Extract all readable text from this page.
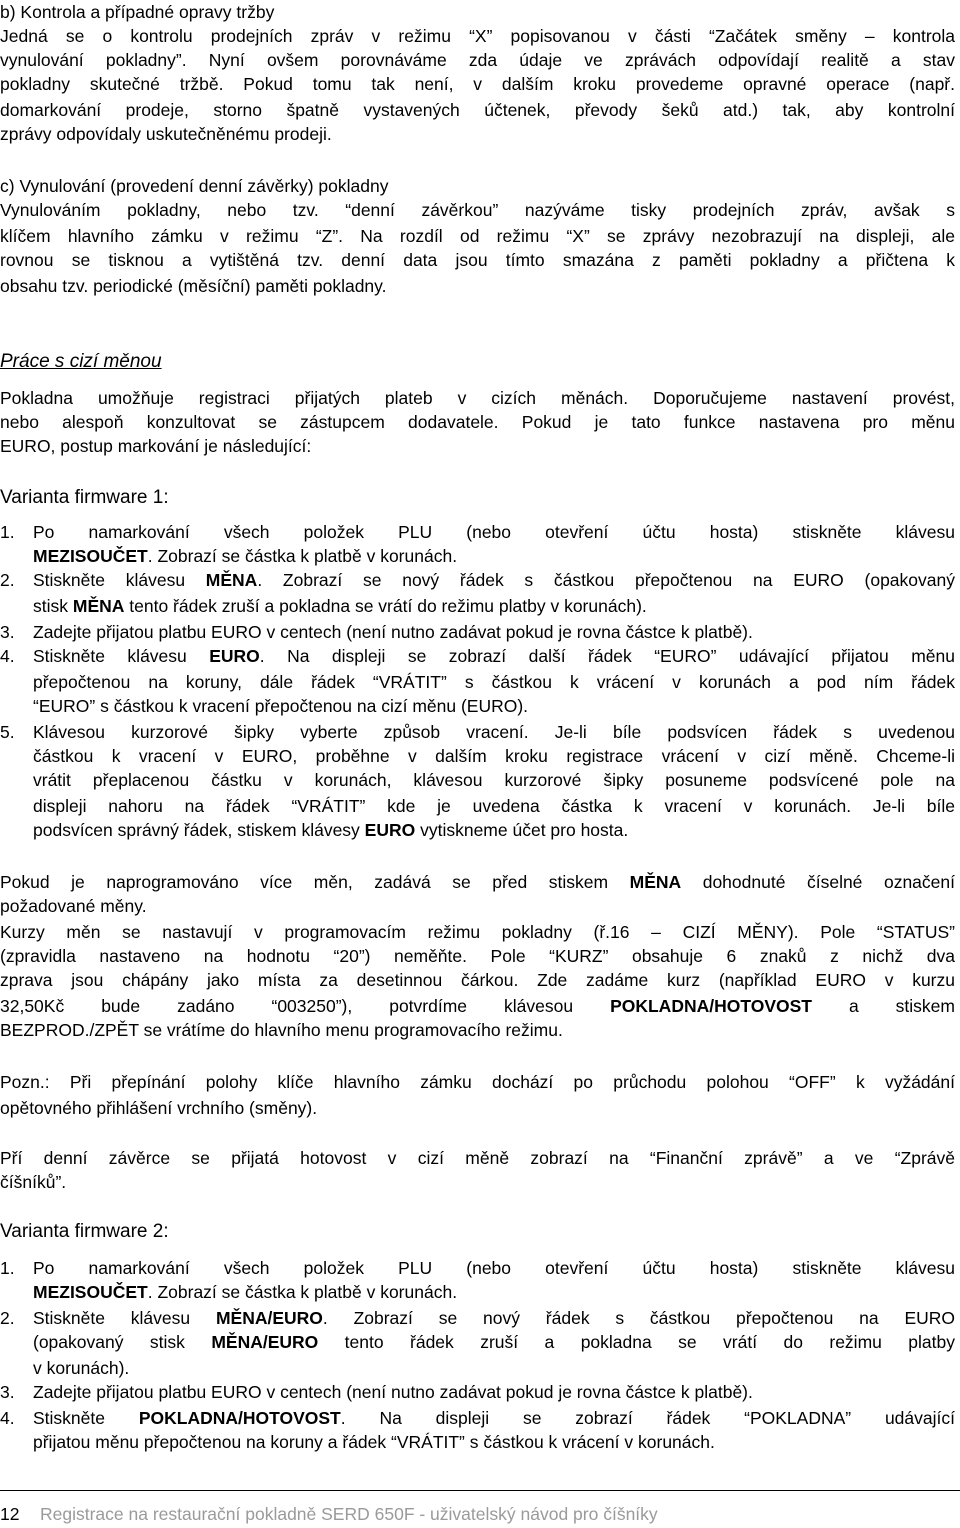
b) Kontrola a případné opravy tržby

Jedná se o kontrolu prodejních zpráv v režimu “X” popisovanou v části “Začátek směny – kontrola

vynulování pokladny”. Nyní ovšem porovnáváme zda údaje ve zprávách odpovídají realitě a stav

pokladny skutečné tržbě. Pokud tomu tak není, v dalším kroku provedeme opravné operace (např.

domarkování prodeje, storno špatně vystavených účtenek, převody šeků atd.) tak, aby kontrolní

zprávy odpovídaly uskutečněnému prodeji.

c) Vynulování (provedení denní závěrky) pokladny

Vynulováním pokladny, nebo tzv. “denní závěrkou” nazýváme tisky prodejních zpráv, avšak s

klíčem hlavního zámku v režimu “Z”. Na rozdíl od režimu “X” se zprávy nezobrazují na displeji, ale

rovnou se tisknou a vytištěná tzv. denní data jsou tímto smazána z paměti pokladny a přičtena k

obsahu tzv. periodické (měsíční) paměti pokladny.

Práce s cizí měnou

Pokladna umožňuje registraci přijatých plateb v cizích měnách. Doporučujeme nastavení provést,

nebo alespoň konzultovat se zástupcem dodavatele. Pokud je tato funkce nastavena pro měnu

EURO, postup markování je následující:

Varianta firmware 1:
1. Po namarkování všech položek PLU (nebo otevření účtu hosta) stiskněte klávesu

MEZISOUČET. Zobrazí se částka k platbě v korunách.

2. Stiskněte klávesu MĚNA. Zobrazí se nový řádek s částkou přepočtenou na EURO (opakovaný

stisk MĚNA tento řádek zruší a pokladna se vrátí do režimu platby v korunách).

3. Zadejte přijatou platbu EURO v centech (není nutno zadávat pokud je rovna částce k platbě).

4. Stiskněte klávesu EURO. Na displeji se zobrazí další řádek “EURO” udávající přijatou měnu

přepočtenou na koruny, dále řádek “VRÁTIT” s částkou k vrácení v korunách a pod ním řádek

“EURO” s částkou k vracení přepočtenou na cizí měnu (EURO).

5. Klávesou kurzorové šipky vyberte způsob vracení. Je-li bíle podsvícen řádek s uvedenou

částkou k vracení v EURO, proběhne v dalším kroku registrace vrácení v cizí měně. Chceme-li

vrátit přeplacenou částku v korunách, klávesou kurzorové šipky posuneme podsvícené pole na

displeji nahoru na řádek “VRÁTIT” kde je uvedena částka k vracení v korunách. Je-li bíle

podsvícen správný řádek, stiskem klávesy EURO vytiskneme účet pro hosta.

Pokud je naprogramováno více měn, zadává se před stiskem MĚNA dohodnuté číselné označení

požadované měny.

Kurzy měn se nastavují v programovacím režimu pokladny (ř.16 – CIZÍ MĚNY). Pole “STATUS”

(zpravidla nastaveno na hodnotu “20”) neměňte. Pole “KURZ” obsahuje 6 znaků z nichž dva

zprava jsou chápány jako místa za desetinnou čárkou. Zde zadáme kurz (například EURO v kurzu

32,50Kč bude zadáno “003250”), potvrdíme klávesou POKLADNA/HOTOVOST a stiskem

BEZPROD./ZPĚT se vrátíme do hlavního menu programovacího režimu.

Pozn.: Při přepínání polohy klíče hlavního zámku dochází po průchodu polohou “OFF” k vyžádání

opětovného přihlášení vrchního (směny).

Pří denní závěrce se přijatá hotovost v cizí měně zobrazí na “Finanční zprávě” a ve “Zprávě

číšníků”.

Varianta firmware 2:
1. Po namarkování všech položek PLU (nebo otevření účtu hosta) stiskněte klávesu

MEZISOUČET. Zobrazí se částka k platbě v korunách.

2. Stiskněte klávesu MĚNA/EURO. Zobrazí se nový řádek s částkou přepočtenou na EURO

(opakovaný stisk MĚNA/EURO tento řádek zruší a pokladna se vrátí do režimu platby

v korunách).

3. Zadejte přijatou platbu EURO v centech (není nutno zadávat pokud je rovna částce k platbě).

4. Stiskněte POKLADNA/HOTOVOST. Na displeji se zobrazí řádek “POKLADNA” udávající

přijatou měnu přepočtenou na koruny a řádek “VRÁTIT” s částkou k vrácení v korunách.

12 Registrace na restaurační pokladně SERD 650F - uživatelský návod pro číšníky
